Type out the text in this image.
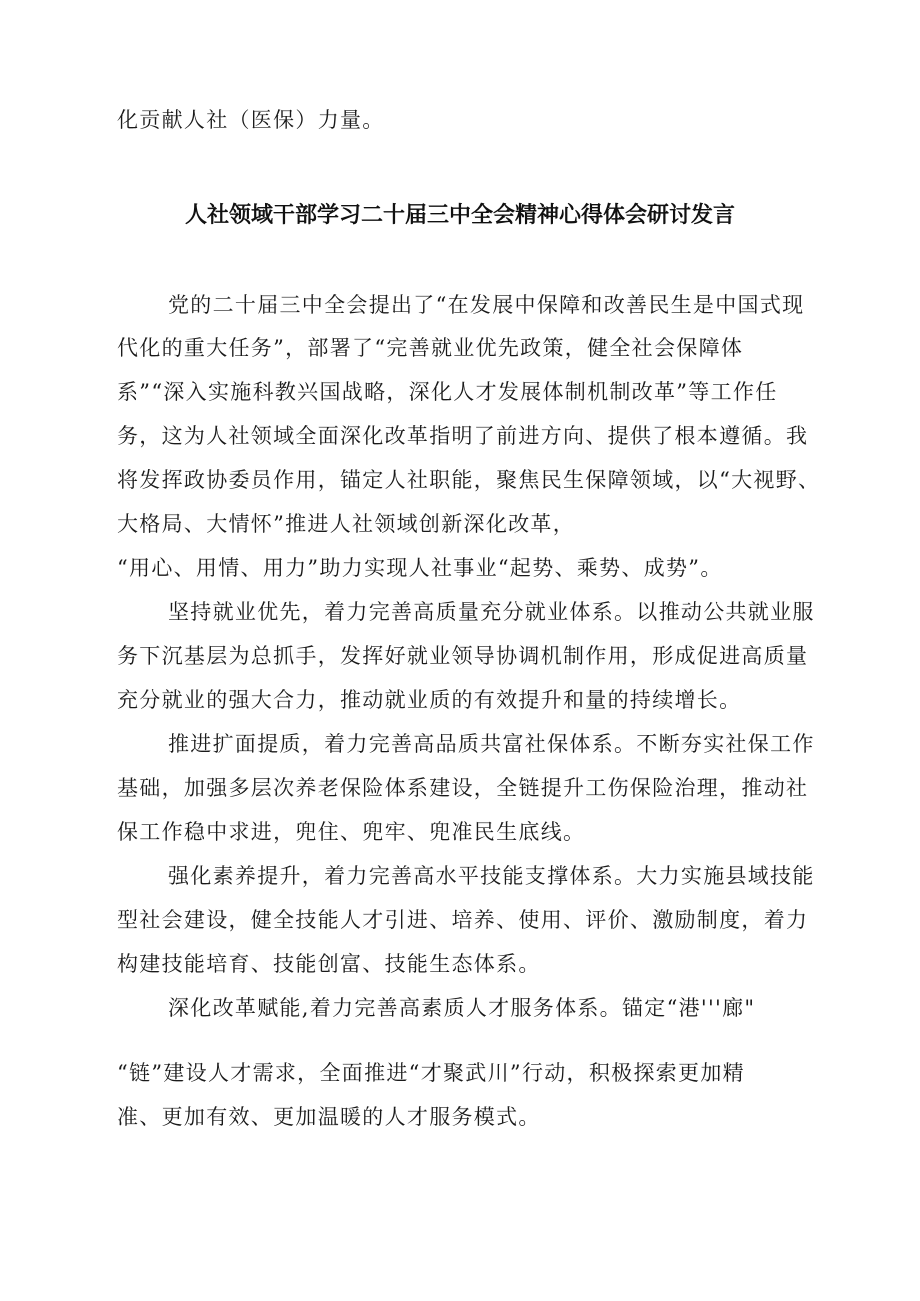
化贡献人社（医保）力量。
人社领域干部学习二十届三中全会精神心得体会研讨发言
党的二十届三中全会提出了“在发展中保障和改善民生是中国式现
代化的重大任务”，部署了“完善就业优先政策，健全社会保障体
系”“深入实施科教兴国战略，深化人才发展体制机制改革”等工作任
务，这为人社领域全面深化改革指明了前进方向、提供了根本遵循。我
将发挥政协委员作用，锚定人社职能，聚焦民生保障领域，以“大视野、
大格局、大情怀”推进人社领域创新深化改革，
“用心、用情、用力”助力实现人社事业“起势、乘势、成势”。
坚持就业优先，着力完善高质量充分就业体系。以推动公共就业服
务下沉基层为总抓手，发挥好就业领导协调机制作用，形成促进高质量
充分就业的强大合力，推动就业质的有效提升和量的持续增长。
推进扩面提质，着力完善高品质共富社保体系。不断夯实社保工作
基础，加强多层次养老保险体系建设，全链提升工伤保险治理，推动社
保工作稳中求进，兜住、兜牢、兜准民生底线。
强化素养提升，着力完善高水平技能支撑体系。大力实施县域技能
型社会建设，健全技能人才引进、培养、使用、评价、激励制度，着力
构建技能培育、技能创富、技能生态体系。
深化改革赋能,着力完善高素质人才服务体系。锚定“港'''廊"
“链”建设人才需求，全面推进“才聚武川”行动，积极探索更加精
准、更加有效、更加温暖的人才服务模式。
